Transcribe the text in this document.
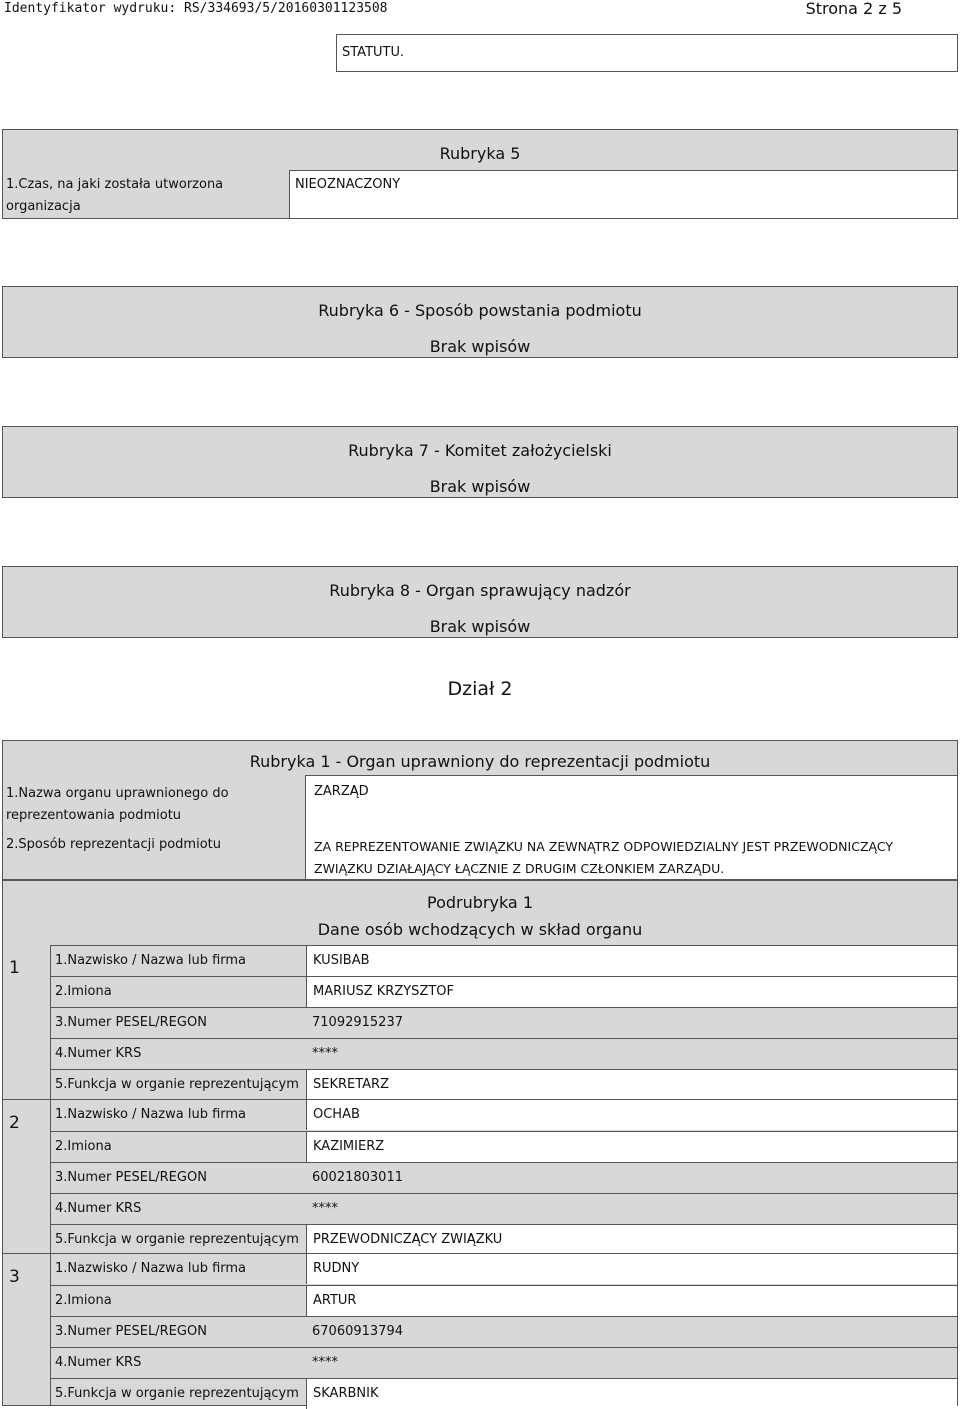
Identyfikator wydruku: RS/334693/5/20160301123508	Strona 2 z 5
STATUTU.
Rubryka 5
1.Czas, na jaki została utworzona organizacja
NIEOZNACZONY
Rubryka 6 - Sposób powstania podmiotu
Brak wpisów
Rubryka 7 - Komitet założycielski
Brak wpisów
Rubryka 8 - Organ sprawujący nadzór
Brak wpisów
Dział 2
Rubryka 1 - Organ uprawniony do reprezentacji podmiotu
1.Nazwa organu uprawnionego do reprezentowania podmiotu
ZARZĄD
2.Sposób reprezentacji podmiotu	ZA REPREZENTOWANIE ZWIĄZKU NA ZEWNĄTRZ ODPOWIEDZIALNY JEST PRZEWODNICZĄCY ZWIĄZKU DZIAŁAJĄCY ŁĄCZNIE Z DRUGIM CZŁONKIEM ZARZĄDU.
Podrubryka 1
Dane osób wchodzących w skład organu
1	1.Nazwisko / Nazwa lub firma	KUSIBAB
2.Imiona	MARIUSZ KRZYSZTOF
3.Numer PESEL/REGON	71092915237
4.Numer KRS	****
5.Funkcja w organie reprezentującym	SEKRETARZ
2	1.Nazwisko / Nazwa lub firma	OCHAB
2.Imiona	KAZIMIERZ
3.Numer PESEL/REGON	60021803011
4.Numer KRS	****
5.Funkcja w organie reprezentującym	PRZEWODNICZĄCY ZWIĄZKU
3	1.Nazwisko / Nazwa lub firma	RUDNY
2.Imiona	ARTUR
3.Numer PESEL/REGON	67060913794
4.Numer KRS	****
5.Funkcja w organie reprezentującym	SKARBNIK
